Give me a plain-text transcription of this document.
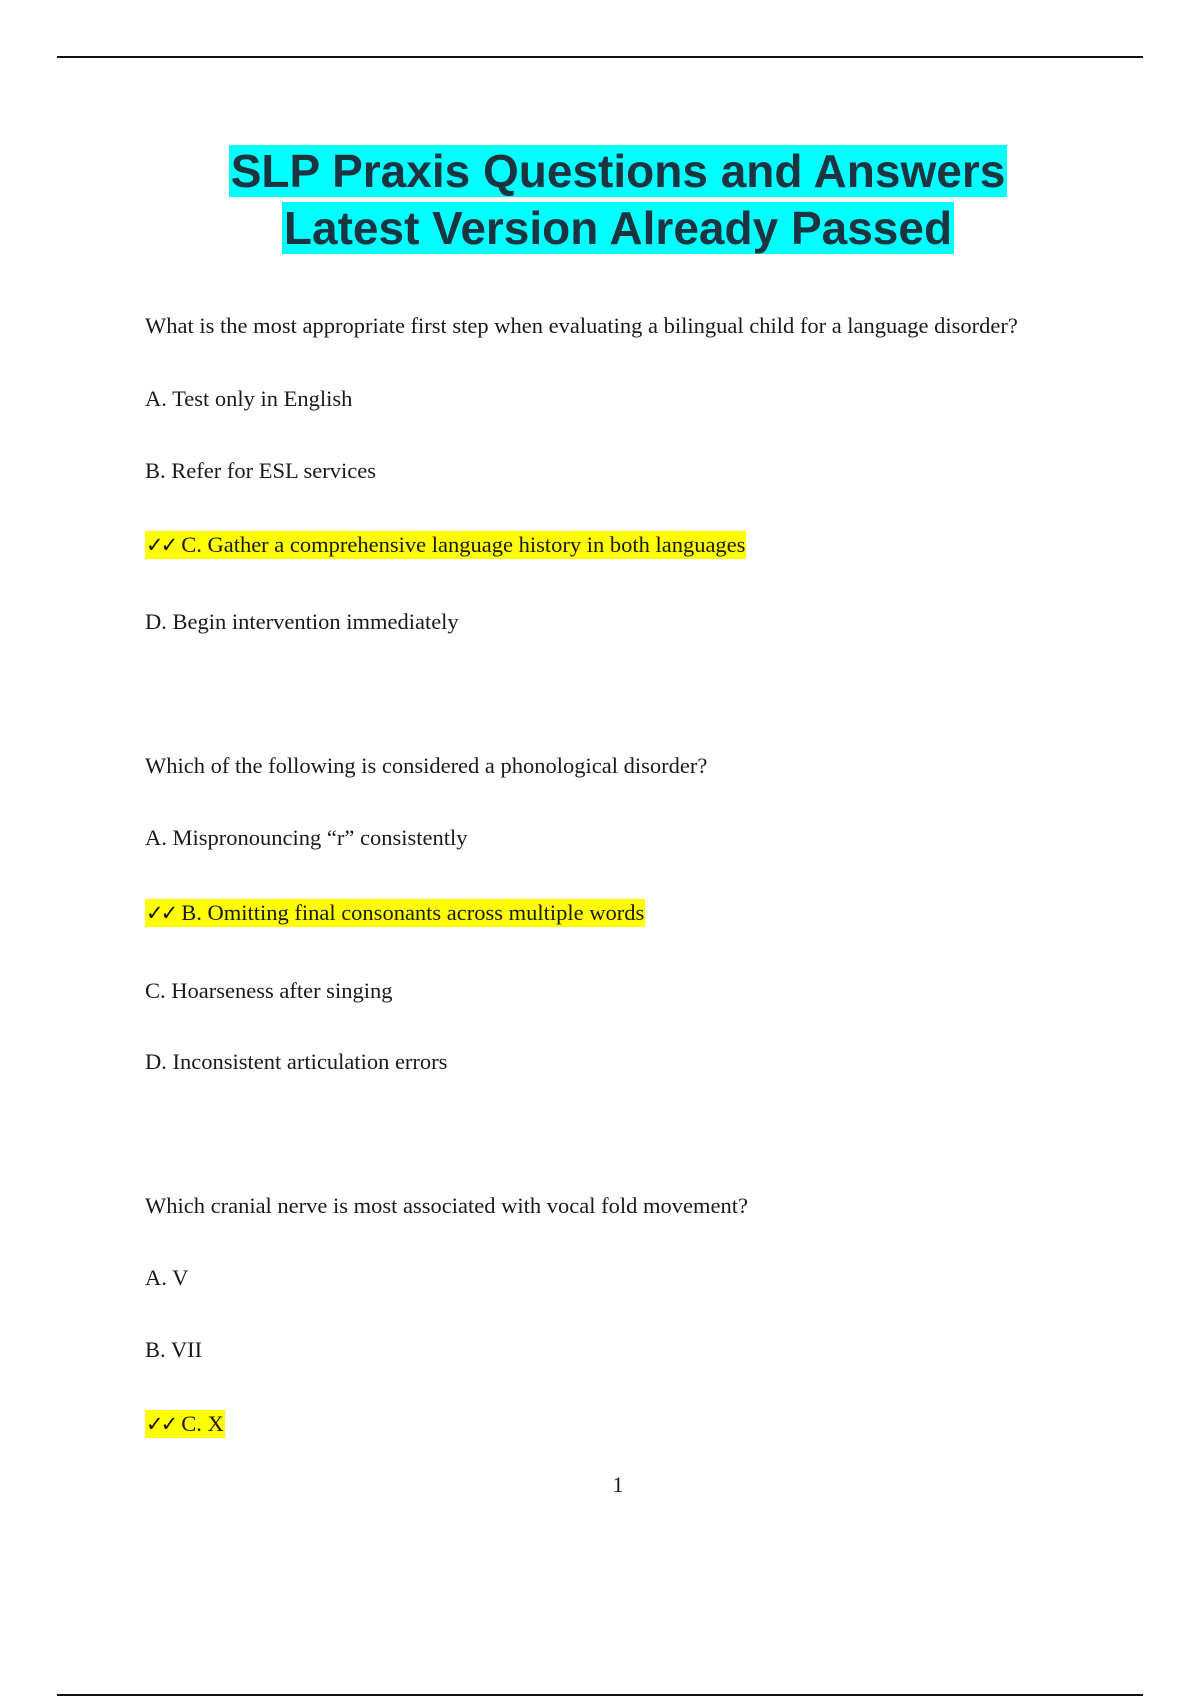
SLP Praxis Questions and Answers
Latest Version Already Passed
What is the most appropriate first step when evaluating a bilingual child for a language disorder?
A. Test only in English
B. Refer for ESL services
✓✓ C. Gather a comprehensive language history in both languages
D. Begin intervention immediately
Which of the following is considered a phonological disorder?
A. Mispronouncing “r” consistently
✓✓ B. Omitting final consonants across multiple words
C. Hoarseness after singing
D. Inconsistent articulation errors
Which cranial nerve is most associated with vocal fold movement?
A. V
B. VII
✓✓ C. X
1
